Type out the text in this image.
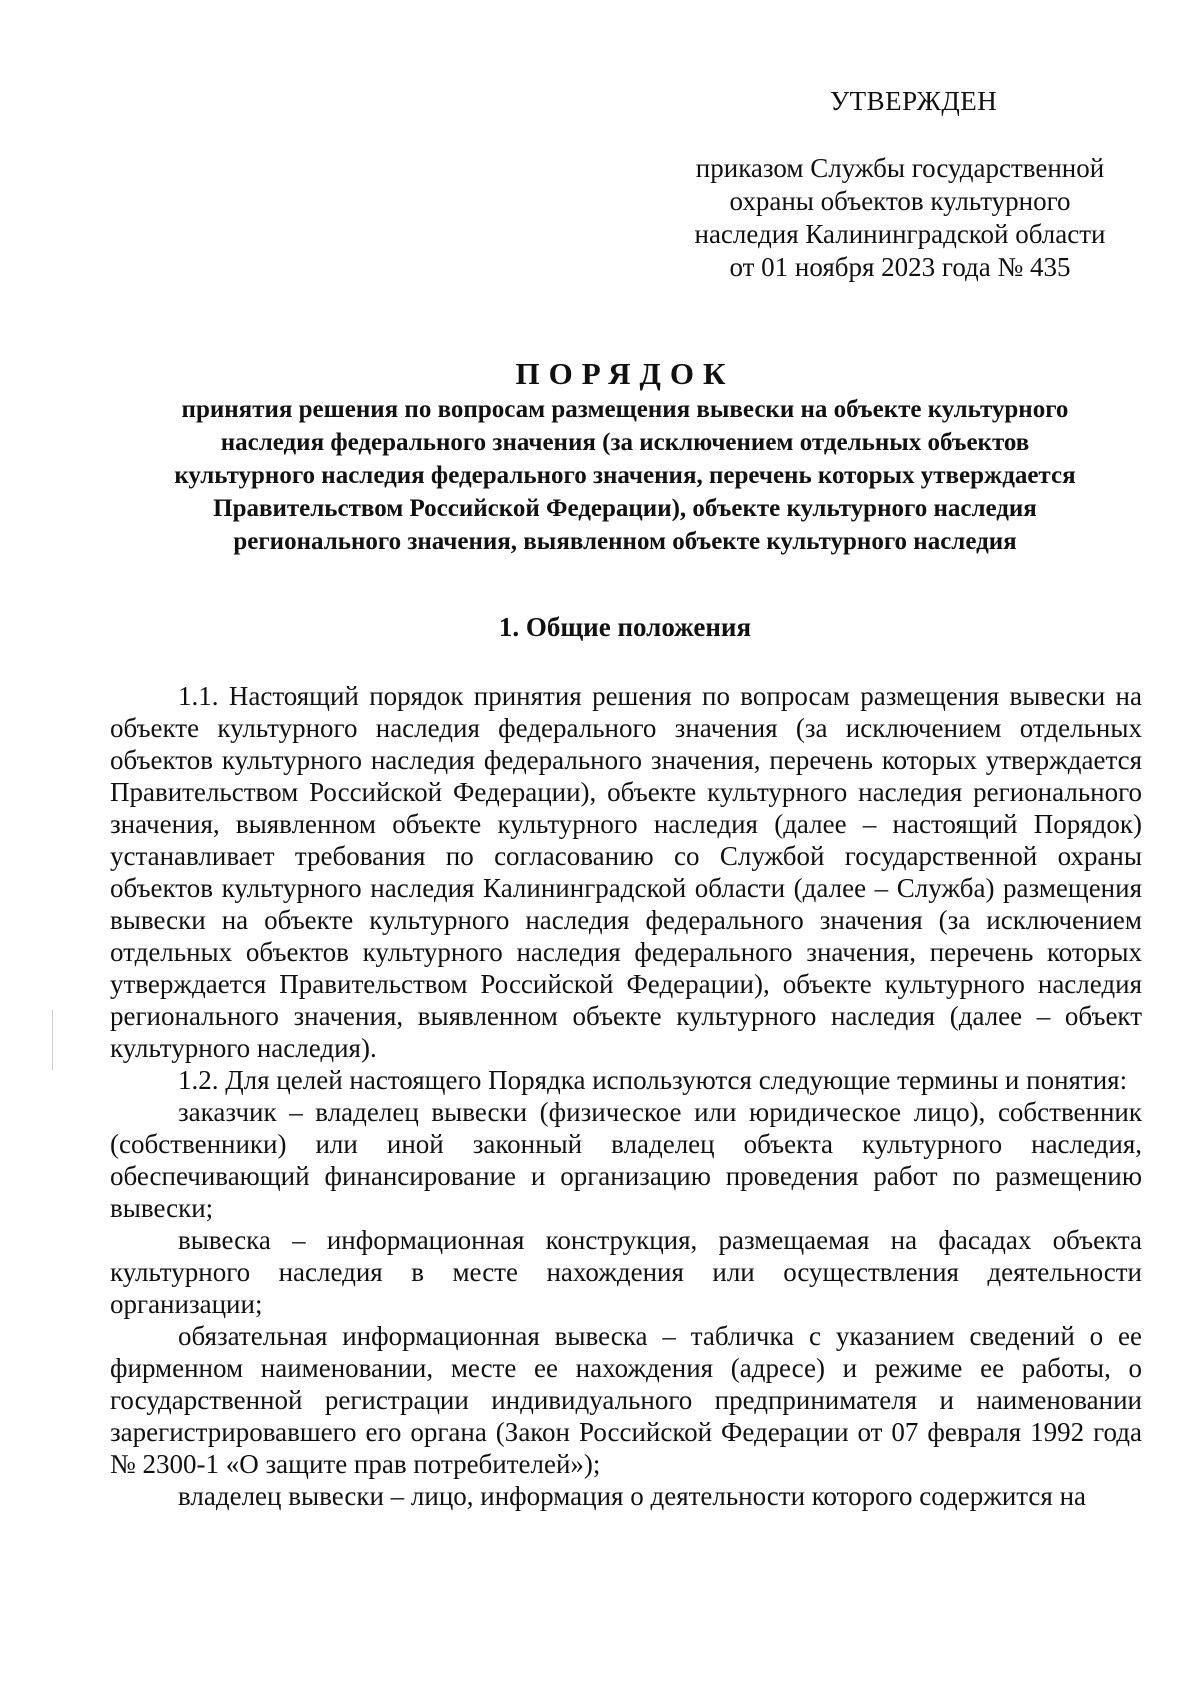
УТВЕРЖДЕН
приказом Службы государственной
охраны объектов культурного
наследия Калининградской области
от 01 ноября 2023 года № 435
ПОРЯДОК
принятия решения по вопросам размещения вывески на объекте культурного
наследия федерального значения (за исключением отдельных объектов
культурного наследия федерального значения, перечень которых утверждается
Правительством Российской Федерации), объекте культурного наследия
регионального значения, выявленном объекте культурного наследия
1. Общие положения

1.1. Настоящий порядок принятия решения по вопросам размещения вывески на объекте культурного наследия федерального значения (за исключением отдельных объектов культурного наследия федерального значения, перечень которых утверждается Правительством Российской Федерации), объекте культурного наследия регионального значения, выявленном объекте культурного наследия (далее – настоящий Порядок) устанавливает требования по согласованию со Службой государственной охраны объектов культурного наследия Калининградской области (далее – Служба) размещения вывески на объекте культурного наследия федерального значения (за исключением отдельных объектов культурного наследия федерального значения, перечень которых утверждается Правительством Российской Федерации), объекте культурного наследия регионального значения, выявленном объекте культурного наследия (далее – объект культурного наследия).

1.2. Для целей настоящего Порядка используются следующие термины и понятия:

заказчик – владелец вывески (физическое или юридическое лицо), собственник (собственники) или иной законный владелец объекта культурного наследия, обеспечивающий финансирование и организацию проведения работ по размещению вывески;

вывеска – информационная конструкция, размещаемая на фасадах объекта культурного наследия в месте нахождения или осуществления деятельности организации;

обязательная информационная вывеска – табличка с указанием сведений о ее фирменном наименовании, месте ее нахождения (адресе) и режиме ее работы, о государственной регистрации индивидуального предпринимателя и наименовании зарегистрировавшего его органа (Закон Российской Федерации от 07 февраля 1992 года № 2300-1 «О защите прав потребителей»);

владелец вывески – лицо, информация о деятельности которого содержится на
